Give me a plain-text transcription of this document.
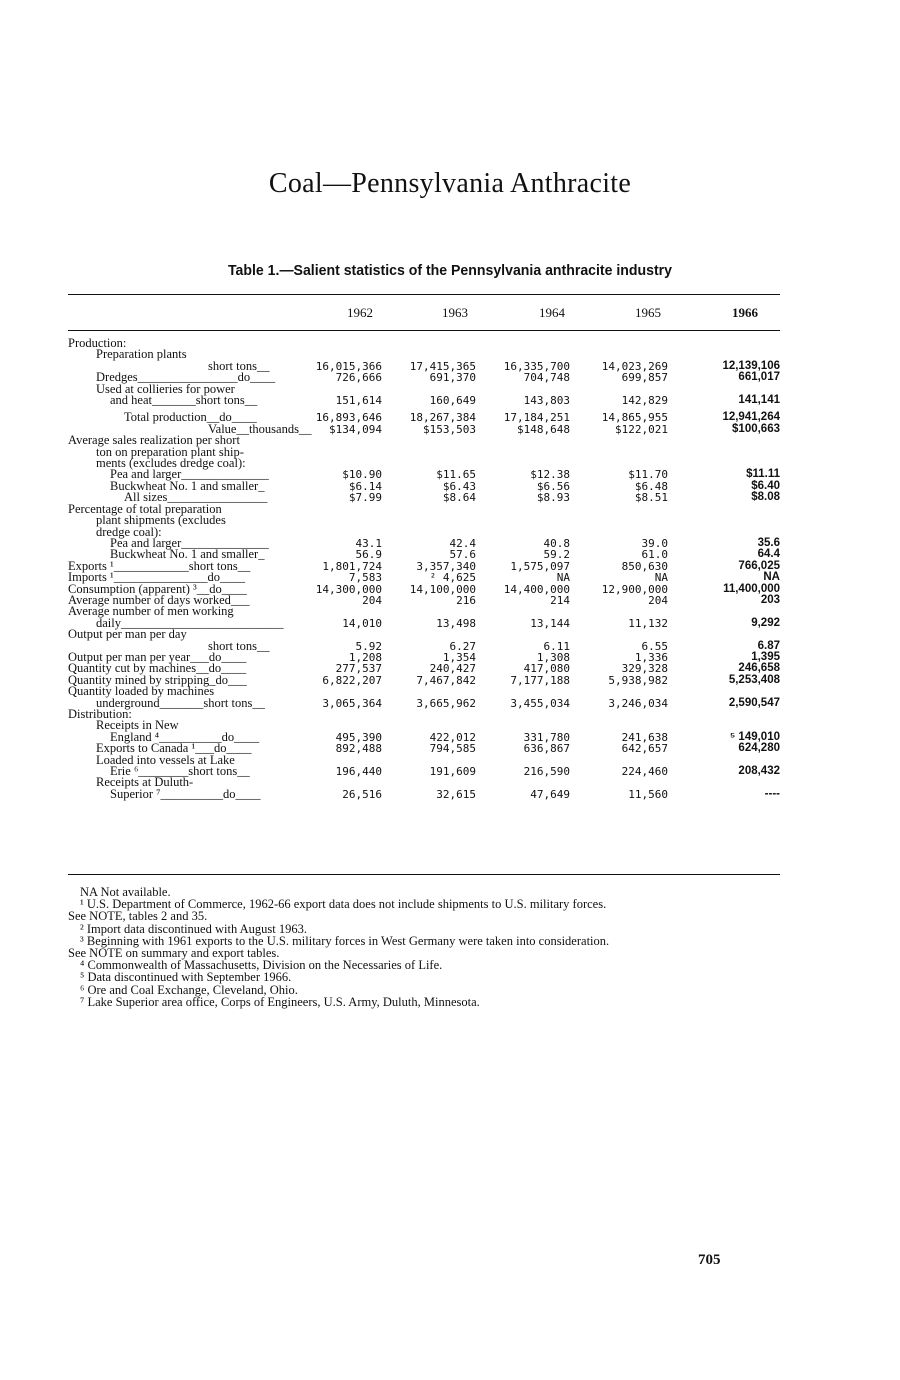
Coal—Pennsylvania Anthracite
Table 1.—Salient statistics of the Pennsylvania anthracite industry
1962	1963	1964	1965	1966
Production:					
Preparation plants					
short tons__	16,015,366	17,415,365	16,335,700	14,023,269	12,139,106
Dredges________________do____	726,666	691,370	704,748	699,857	661,017
Used at collieries for power					
and heat_______short tons__	151,614	160,649	143,803	142,829	141,141
Total production__do____	16,893,646	18,267,384	17,184,251	14,865,955	12,941,264
Value__thousands__	$134,094	$153,503	$148,648	$122,021	$100,663
Average sales realization per short					
ton on preparation plant ship-					
ments (excludes dredge coal):					
Pea and larger______________	$10.90	$11.65	$12.38	$11.70	$11.11
Buckwheat No. 1 and smaller_	$6.14	$6.43	$6.56	$6.48	$6.40
All sizes________________	$7.99	$8.64	$8.93	$8.51	$8.08
Percentage of total preparation					
plant shipments (excludes					
dredge coal):					
Pea and larger______________	43.1	42.4	40.8	39.0	35.6
Buckwheat No. 1 and smaller_	56.9	57.6	59.2	61.0	64.4
Exports ¹____________short tons__	1,801,724	3,357,340	1,575,097	850,630	766,025
Imports ¹_______________do____	7,583	² 4,625	NA	NA	NA
Consumption (apparent) ³__do____	14,300,000	14,100,000	14,400,000	12,900,000	11,400,000
Average number of days worked___	204	216	214	204	203
Average number of men working					
daily__________________________	14,010	13,498	13,144	11,132	9,292
Output per man per day					
short tons__	5.92	6.27	6.11	6.55	6.87
Output per man per year___do____	1,208	1,354	1,308	1,336	1,395
Quantity cut by machines__do____	277,537	240,427	417,080	329,328	246,658
Quantity mined by stripping_do___	6,822,207	7,467,842	7,177,188	5,938,982	5,253,408
Quantity loaded by machines					
underground_______short tons__	3,065,364	3,665,962	3,455,034	3,246,034	2,590,547
Distribution:					
Receipts in New					
England ⁴__________do____	495,390	422,012	331,780	241,638	⁵ 149,010
Exports to Canada ¹___do____	892,488	794,585	636,867	642,657	624,280
Loaded into vessels at Lake					
Erie ⁶________short tons__	196,440	191,609	216,590	224,460	208,432
Receipts at Duluth-					
Superior ⁷__________do____	26,516	32,615	47,649	11,560	----

NA Not available.

¹ U.S. Department of Commerce, 1962-66 export data does not include shipments to U.S. military forces.

See NOTE, tables 2 and 35.

² Import data discontinued with August 1963.

³ Beginning with 1961 exports to the U.S. military forces in West Germany were taken into consideration.

See NOTE on summary and export tables.

⁴ Commonwealth of Massachusetts, Division on the Necessaries of Life.

⁵ Data discontinued with September 1966.

⁶ Ore and Coal Exchange, Cleveland, Ohio.

⁷ Lake Superior area office, Corps of Engineers, U.S. Army, Duluth, Minnesota.

705
